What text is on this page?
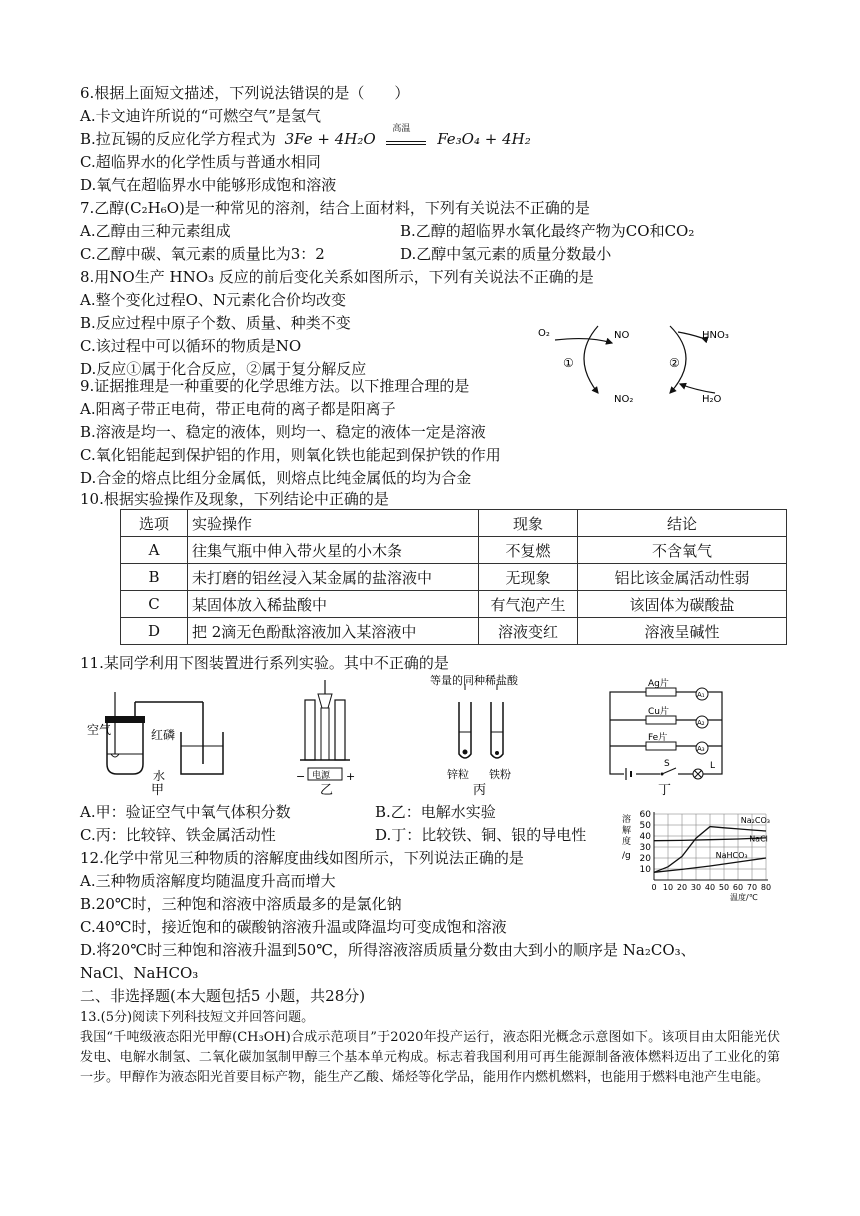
6.根据上面短文描述，下列说法错误的是（　　）
A.卡文迪许所说的“可燃空气”是氢气
B.拉瓦锡的反应化学方程式为 3Fe + 4H₂O
高温
Fe₃O₄ + 4H₂
C.超临界水的化学性质与普通水相同
D.氧气在超临界水中能够形成饱和溶液
7.乙醇(C₂H₆O)是一种常见的溶剂，结合上面材料，下列有关说法不正确的是
A.乙醇由三种元素组成	B.乙醇的超临界水氧化最终产物为CO和CO₂
C.乙醇中碳、氧元素的质量比为3：2	D.乙醇中氢元素的质量分数最小
8.用NO生产 HNO₃ 反应的前后变化关系如图所示，下列有关说法不正确的是
A.整个变化过程O、N元素化合价均改变
B.反应过程中原子个数、质量、种类不变
C.该过程中可以循环的物质是NO
D.反应①属于化合反应，②属于复分解反应
O₂	NO	HNO₃
NO₂	H₂O
①	②
9.证据推理是一种重要的化学思维方法。以下推理合理的是
A.阳离子带正电荷，带正电荷的离子都是阳离子
B.溶液是均一、稳定的液体，则均一、稳定的液体一定是溶液
C.氧化铝能起到保护铝的作用，则氧化铁也能起到保护铁的作用
D.合金的熔点比组分金属低，则熔点比纯金属低的均为合金
10.根据实验操作及现象，下列结论中正确的是
选项	实验操作	现象	结论
A	往集气瓶中伸入带火星的小木条	不复燃	不含氧气
B	未打磨的铝丝浸入某金属的盐溶液中	无现象	铝比该金属活动性弱
C	某固体放入稀盐酸中	有气泡产生	该固体为碳酸盐
D	把 2滴无色酚酞溶液加入某溶液中	溶液变红	溶液呈碱性
11.某同学利用下图装置进行系列实验。其中不正确的是
空气	红磷
水
甲
电源
−	+
乙
等量的同种稀盐酸
锌粒 铁粉
丙
Ag片
Cu片
Fe片
A₁
A₂
A₃
S	L
丁
A.甲：验证空气中氧气体积分数	B.乙：电解水实验
C.丙：比较锌、铁金属活动性	D.丁：比较铁、铜、银的导电性
12.化学中常见三种物质的溶解度曲线如图所示，下列说法正确的是
A.三种物质溶解度均随温度升高而增大
B.20℃时，三种饱和溶液中溶质最多的是氯化钠
C.40℃时，接近饱和的碳酸钠溶液升温或降温均可变成饱和溶液
D.将20℃时三种饱和溶液升温到50℃，所得溶液溶质质量分数由大到小的顺序是 Na₂CO₃、
NaCl、NaHCO₃
10
20
30
40
50
60
0 10 20 30 40 50 60 70 80
溶
解
度
/g
温度/℃
Na₂CO₃
NaCl
NaHCO₃
二、非选择题(本大题包括5 小题，共28分)
13.(5分)阅读下列科技短文并回答问题。
我国“千吨级液态阳光甲醇(CH₃OH)合成示范项目”于2020年投产运行，液态阳光概念示意图如下。该项目由太阳能光伏发电、电解水制氢、二氧化碳加氢制甲醇三个基本单元构成。标志着我国利用可再生能源制备液体燃料迈出了工业化的第一步。甲醇作为液态阳光首要目标产物，能生产乙酸、烯烃等化学品，能用作内燃机燃料，也能用于燃料电池产生电能。
